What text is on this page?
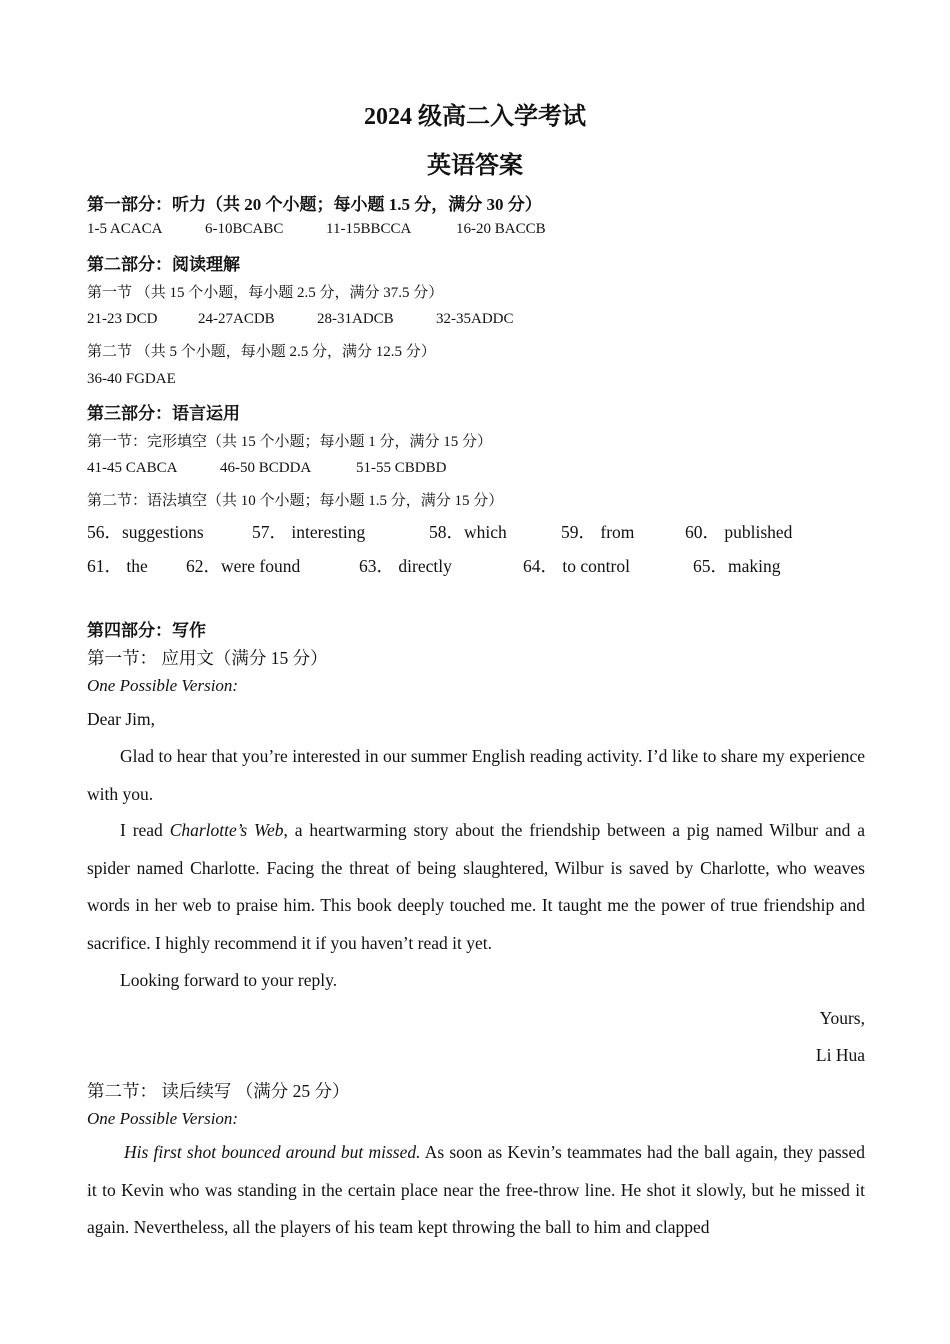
2024 级高二入学考试
英语答案
第一部分：听力（共 20 个小题；每小题 1.5 分，满分 30 分）
1-5 ACACA	6-10BCABC	11-15BBCCA	16-20 BACCB
第二部分：阅读理解
第一节 （共 15 个小题，每小题 2.5 分，满分 37.5 分）
21-23 DCD	24-27ACDB	28-31ADCB	32-35ADDC
第二节 （共 5 个小题，每小题 2.5 分，满分 12.5 分）
36-40 FGDAE
第三部分：语言运用
第一节：完形填空（共 15 个小题；每小题 1 分，满分 15 分）
41-45 CABCA	46-50 BCDDA	51-55 CBDBD
第二节：语法填空（共 10 个小题；每小题 1.5 分，满分 15 分）
56．suggestions	57． interesting	58．which	59． from	60． published
61． the 62．were found	63． directly	64． to control	65．making
第四部分：写作
第一节： 应用文（满分 15 分）
One Possible Version:
Dear Jim,
Glad to hear that you’re interested in our summer English reading activity. I’d like to share my experience with you.
I read Charlotte’s Web, a heartwarming story about the friendship between a pig named Wilbur and a spider named Charlotte. Facing the threat of being slaughtered, Wilbur is saved by Charlotte, who weaves words in her web to praise him. This book deeply touched me. It taught me the power of true friendship and sacrifice. I highly recommend it if you haven’t read it yet.
Looking forward to your reply.
Yours,
Li Hua
第二节： 读后续写 （满分 25 分）
One Possible Version:
His first shot bounced around but missed. As soon as Kevin’s teammates had the ball again, they passed it to Kevin who was standing in the certain place near the free-throw line. He shot it slowly, but he missed it again. Nevertheless, all the players of his team kept throwing the ball to him and clapped
